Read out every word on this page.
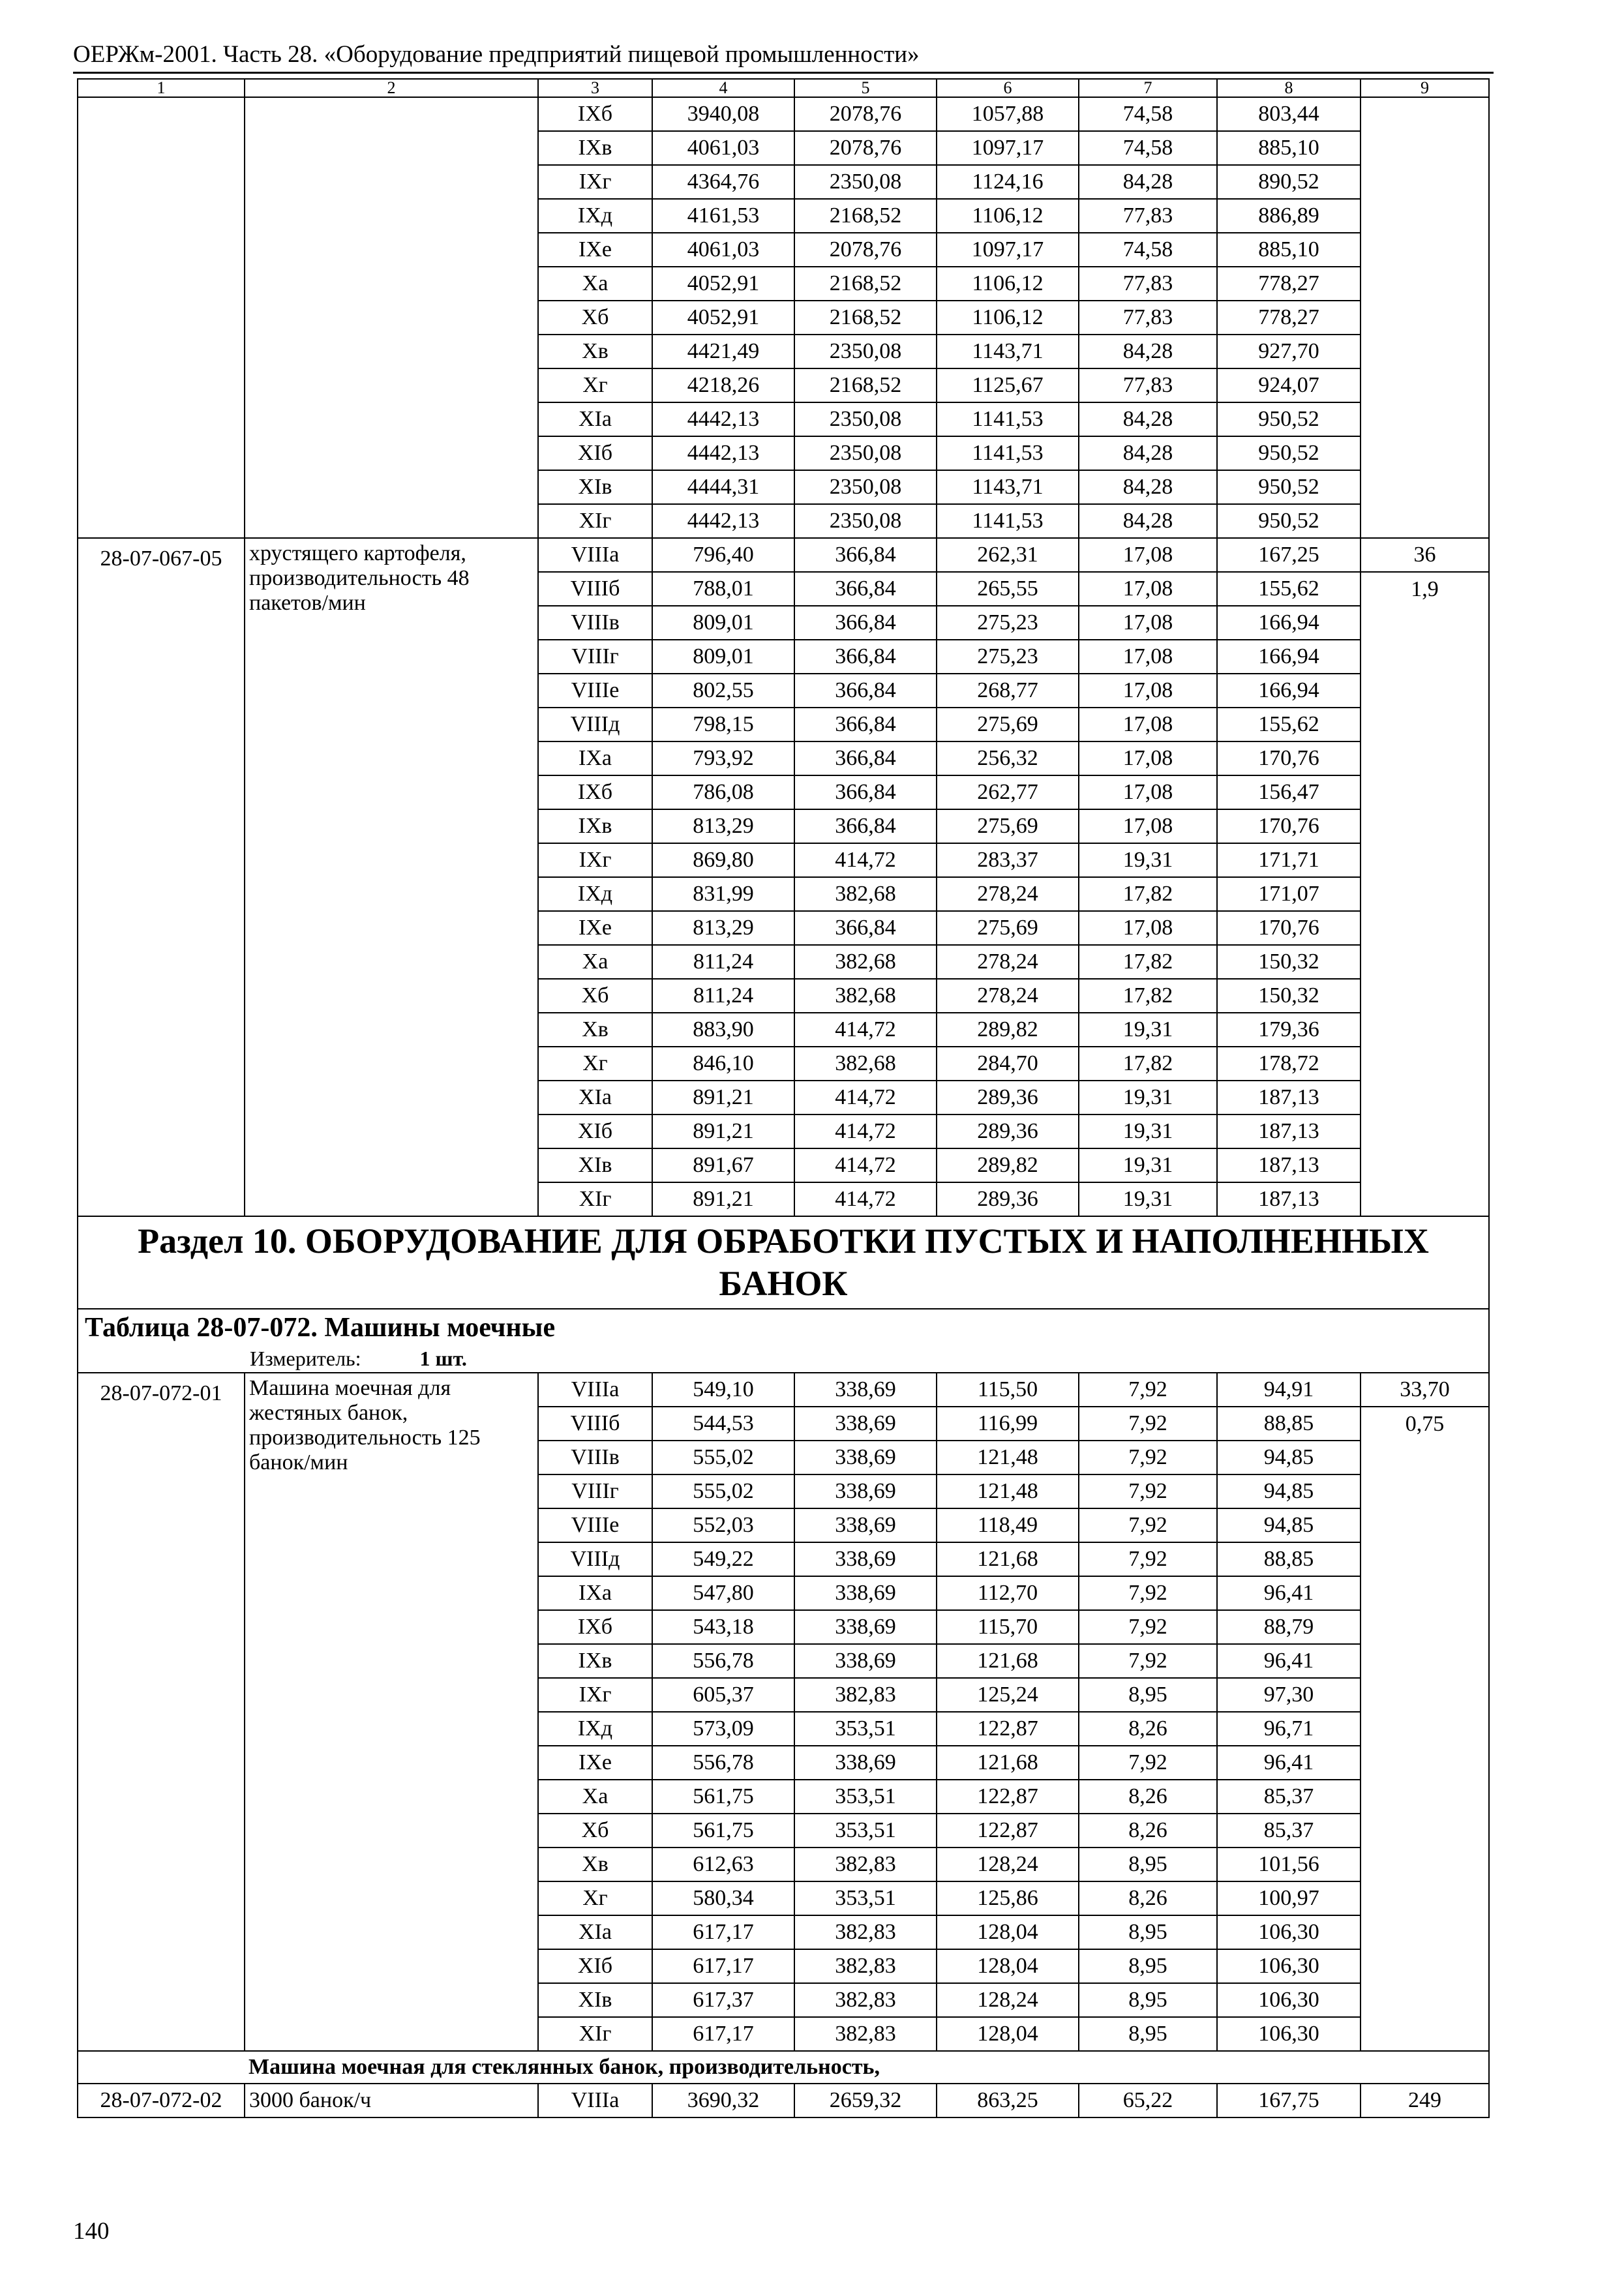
ОЕРЖм-2001. Часть 28. «Оборудование предприятий пищевой промышленности»
1	2	3	4	5	6	7	8	9
		IXб	3940,08	2078,76	1057,88	74,58	803,44	
		IXв	4061,03	2078,76	1097,17	74,58	885,10	
		IXг	4364,76	2350,08	1124,16	84,28	890,52	
		IXд	4161,53	2168,52	1106,12	77,83	886,89	
		IXе	4061,03	2078,76	1097,17	74,58	885,10	
		Xа	4052,91	2168,52	1106,12	77,83	778,27	
		Xб	4052,91	2168,52	1106,12	77,83	778,27	
		Xв	4421,49	2350,08	1143,71	84,28	927,70	
		Xг	4218,26	2168,52	1125,67	77,83	924,07	
		XIа	4442,13	2350,08	1141,53	84,28	950,52	
		XIб	4442,13	2350,08	1141,53	84,28	950,52	
		XIв	4444,31	2350,08	1143,71	84,28	950,52	
		XIг	4442,13	2350,08	1141,53	84,28	950,52	
28-07-067-05	хрустящего картофеля, производительность 48 пакетов/мин	VIIIа	796,40	366,84	262,31	17,08	167,25	36
		VIIIб	788,01	366,84	265,55	17,08	155,62	1,9
		VIIIв	809,01	366,84	275,23	17,08	166,94	
		VIIIг	809,01	366,84	275,23	17,08	166,94	
		VIIIе	802,55	366,84	268,77	17,08	166,94	
		VIIIд	798,15	366,84	275,69	17,08	155,62	
		IXа	793,92	366,84	256,32	17,08	170,76	
		IXб	786,08	366,84	262,77	17,08	156,47	
		IXв	813,29	366,84	275,69	17,08	170,76	
		IXг	869,80	414,72	283,37	19,31	171,71	
		IXд	831,99	382,68	278,24	17,82	171,07	
		IXе	813,29	366,84	275,69	17,08	170,76	
		Xа	811,24	382,68	278,24	17,82	150,32	
		Xб	811,24	382,68	278,24	17,82	150,32	
		Xв	883,90	414,72	289,82	19,31	179,36	
		Xг	846,10	382,68	284,70	17,82	178,72	
		XIа	891,21	414,72	289,36	19,31	187,13	
		XIб	891,21	414,72	289,36	19,31	187,13	
		XIв	891,67	414,72	289,82	19,31	187,13	
		XIг	891,21	414,72	289,36	19,31	187,13	
Раздел 10. ОБОРУДОВАНИЕ ДЛЯ ОБРАБОТКИ ПУСТЫХ И НАПОЛНЕННЫХ БАНОК								
Таблица 28-07-072. Машины моечные								
Измеритель: 1 шт.								
28-07-072-01	Машина моечная для жестяных банок, производительность 125 банок/мин	VIIIа	549,10	338,69	115,50	7,92	94,91	33,70
		VIIIб	544,53	338,69	116,99	7,92	88,85	0,75
		VIIIв	555,02	338,69	121,48	7,92	94,85	
		VIIIг	555,02	338,69	121,48	7,92	94,85	
		VIIIе	552,03	338,69	118,49	7,92	94,85	
		VIIIд	549,22	338,69	121,68	7,92	88,85	
		IXа	547,80	338,69	112,70	7,92	96,41	
		IXб	543,18	338,69	115,70	7,92	88,79	
		IXв	556,78	338,69	121,68	7,92	96,41	
		IXг	605,37	382,83	125,24	8,95	97,30	
		IXд	573,09	353,51	122,87	8,26	96,71	
		IXе	556,78	338,69	121,68	7,92	96,41	
		Xа	561,75	353,51	122,87	8,26	85,37	
		Xб	561,75	353,51	122,87	8,26	85,37	
		Xв	612,63	382,83	128,24	8,95	101,56	
		Xг	580,34	353,51	125,86	8,26	100,97	
		XIа	617,17	382,83	128,04	8,95	106,30	
		XIб	617,17	382,83	128,04	8,95	106,30	
		XIв	617,37	382,83	128,24	8,95	106,30	
		XIг	617,17	382,83	128,04	8,95	106,30	
	Машина моечная для стеклянных банок, производительность,							
28-07-072-02	3000 банок/ч	VIIIа	3690,32	2659,32	863,25	65,22	167,75	249
140
